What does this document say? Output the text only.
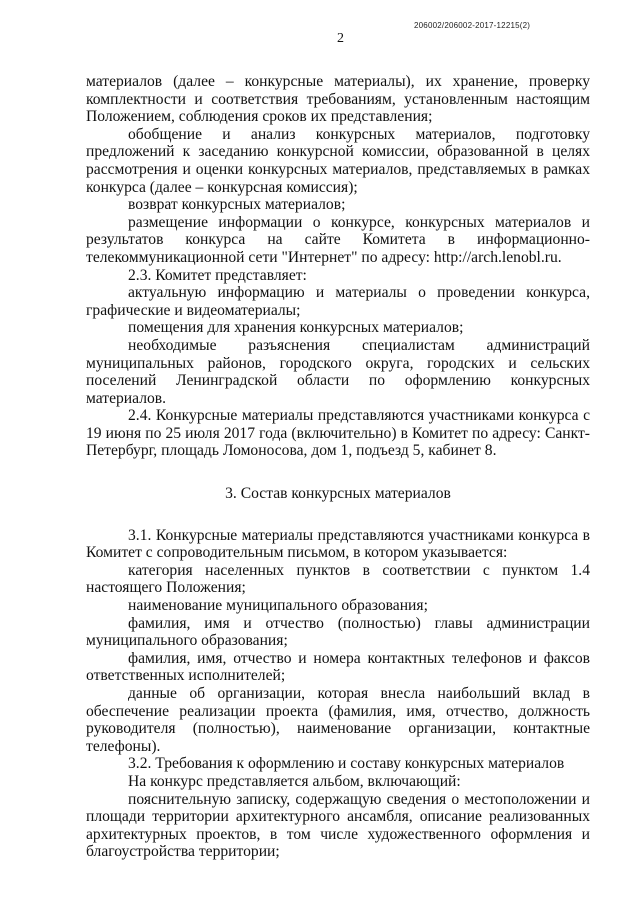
206002/206002-2017-12215(2)
2

материалов (далее – конкурсные материалы), их хранение, проверку комплектности и соответствия требованиям, установленным настоящим Положением, соблюдения сроков их представления;

обобщение и анализ конкурсных материалов, подготовку предложений к заседанию конкурсной комиссии, образованной в целях рассмотрения и оценки конкурсных материалов, представляемых в рамках конкурса (далее – конкурсная комиссия);

возврат конкурсных материалов;

размещение информации о конкурсе, конкурсных материалов и результатов конкурса на сайте Комитета в информационно-телекоммуникационной сети "Интернет" по адресу: http://arch.lenobl.ru.

2.3. Комитет представляет:

актуальную информацию и материалы о проведении конкурса, графические и видеоматериалы;

помещения для хранения конкурсных материалов;

необходимые разъяснения специалистам администраций муниципальных районов, городского округа, городских и сельских поселений Ленинградской области по оформлению конкурсных материалов.

2.4. Конкурсные материалы представляются участниками конкурса с 19 июня по 25 июля 2017 года (включительно) в Комитет по адресу: Санкт-Петербург, площадь Ломоносова, дом 1, подъезд 5, кабинет 8.

3. Состав конкурсных материалов

3.1. Конкурсные материалы представляются участниками конкурса в Комитет с сопроводительным письмом, в котором указывается:

категория населенных пунктов в соответствии с пунктом 1.4 настоящего Положения;

наименование муниципального образования;

фамилия, имя и отчество (полностью) главы администрации муниципального образования;

фамилия, имя, отчество и номера контактных телефонов и факсов ответственных исполнителей;

данные об организации, которая внесла наибольший вклад в обеспечение реализации проекта (фамилия, имя, отчество, должность руководителя (полностью), наименование организации, контактные телефоны).

3.2. Требования к оформлению и составу конкурсных материалов

На конкурс представляется альбом, включающий:

пояснительную записку, содержащую сведения о местоположении и площади территории архитектурного ансамбля, описание реализованных архитектурных проектов, в том числе художественного оформления и благоустройства территории;
